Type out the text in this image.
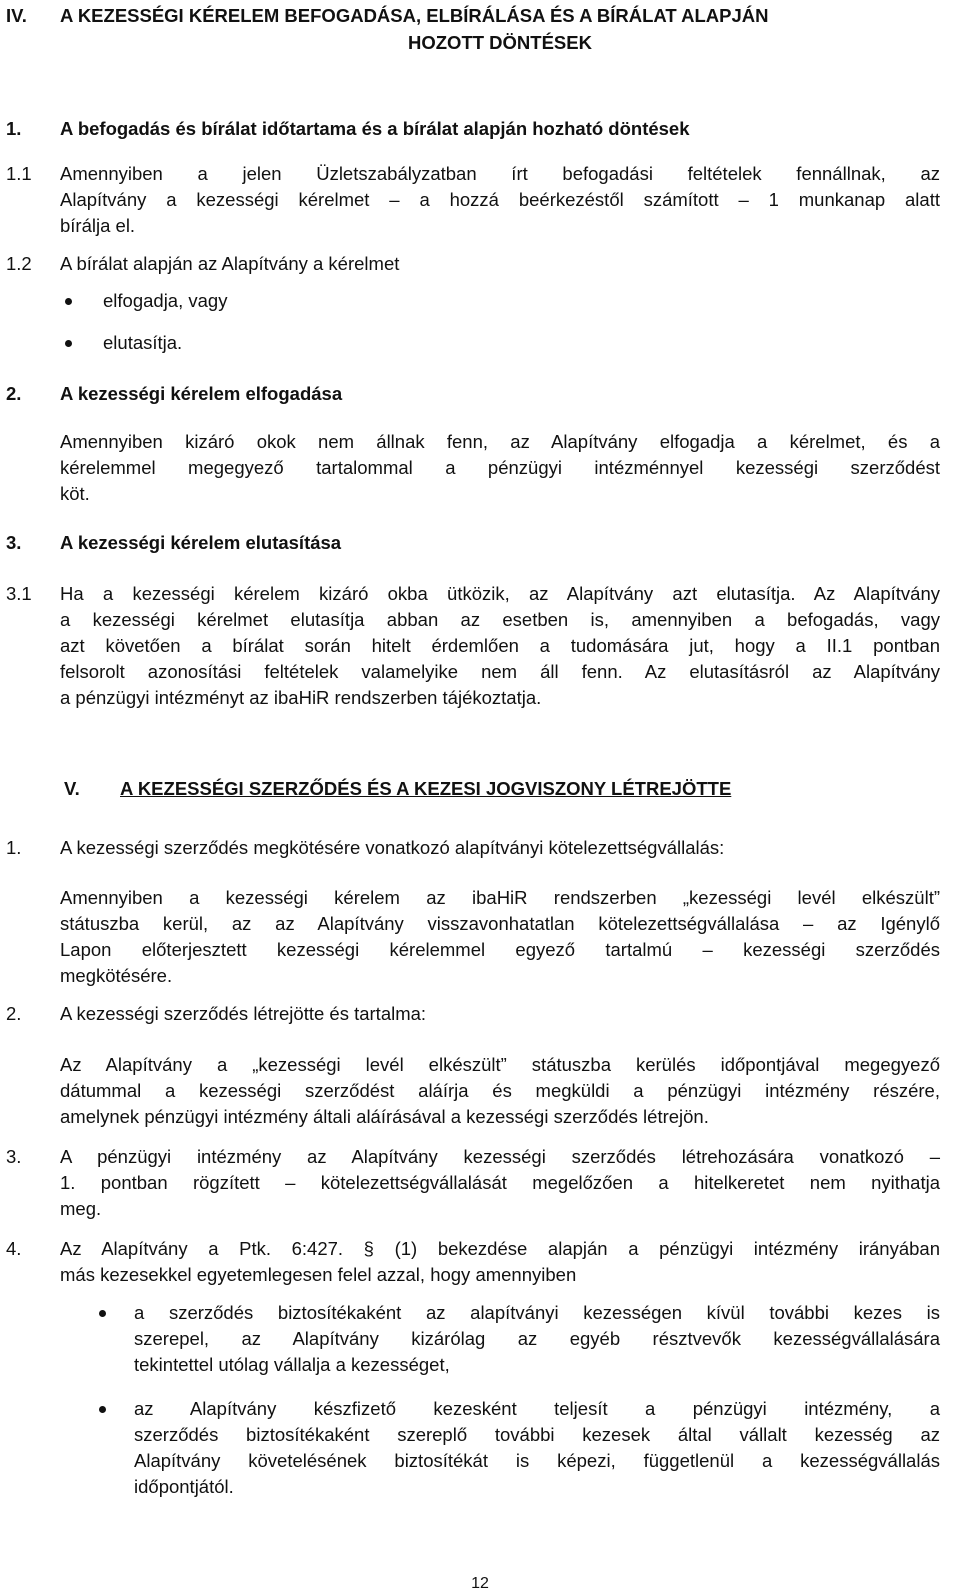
IV. A KEZESSÉGI KÉRELEM BEFOGADÁSA, ELBÍRÁLÁSA ÉS A BÍRÁLAT ALAPJÁN
HOZOTT DÖNTÉSEK
1. A befogadás és bírálat időtartama és a bírálat alapján hozható döntések
1.1 Amennyiben a jelen Üzletszabályzatban írt befogadási feltételek fennállnak, az
Alapítvány a kezességi kérelmet – a hozzá beérkezéstől számított – 1 munkanap alatt
bírálja el.
1.2 A bírálat alapján az Alapítvány a kérelmet
elfogadja, vagy
elutasítja.
2. A kezességi kérelem elfogadása
Amennyiben kizáró okok nem állnak fenn, az Alapítvány elfogadja a kérelmet, és a
kérelemmel megegyező tartalommal a pénzügyi intézménnyel kezességi szerződést
köt.
3. A kezességi kérelem elutasítása
3.1 Ha a kezességi kérelem kizáró okba ütközik, az Alapítvány azt elutasítja. Az Alapítvány
a kezességi kérelmet elutasítja abban az esetben is, amennyiben a befogadás, vagy
azt követően a bírálat során hitelt érdemlően a tudomására jut, hogy a II.1 pontban
felsorolt azonosítási feltételek valamelyike nem áll fenn. Az elutasításról az Alapítvány
a pénzügyi intézményt az ibaHiR rendszerben tájékoztatja.
V. A KEZESSÉGI SZERZŐDÉS ÉS A KEZESI JOGVISZONY LÉTREJÖTTE
1. A kezességi szerződés megkötésére vonatkozó alapítványi kötelezettségvállalás:
Amennyiben a kezességi kérelem az ibaHiR rendszerben „kezességi levél elkészült”
státuszba kerül, az az Alapítvány visszavonhatatlan kötelezettségvállalása – az Igénylő
Lapon előterjesztett kezességi kérelemmel egyező tartalmú – kezességi szerződés
megkötésére.
2. A kezességi szerződés létrejötte és tartalma:
Az Alapítvány a „kezességi levél elkészült” státuszba kerülés időpontjával megegyező
dátummal a kezességi szerződést aláírja és megküldi a pénzügyi intézmény részére,
amelynek pénzügyi intézmény általi aláírásával a kezességi szerződés létrejön.
3. A pénzügyi intézmény az Alapítvány kezességi szerződés létrehozására vonatkozó –
1. pontban rögzített – kötelezettségvállalását megelőzően a hitelkeretet nem nyithatja
meg.
4. Az Alapítvány a Ptk. 6:427. § (1) bekezdése alapján a pénzügyi intézmény irányában
más kezesekkel egyetemlegesen felel azzal, hogy amennyiben
a szerződés biztosítékaként az alapítványi kezességen kívül további kezes is
szerepel, az Alapítvány kizárólag az egyéb résztvevők kezességvállalására
tekintettel utólag vállalja a kezességet,
az Alapítvány készfizető kezesként teljesít a pénzügyi intézmény, a
szerződés biztosítékaként szereplő további kezesek által vállalt kezesség az
Alapítvány követelésének biztosítékát is képezi, függetlenül a kezességvállalás
időpontjától.
12
